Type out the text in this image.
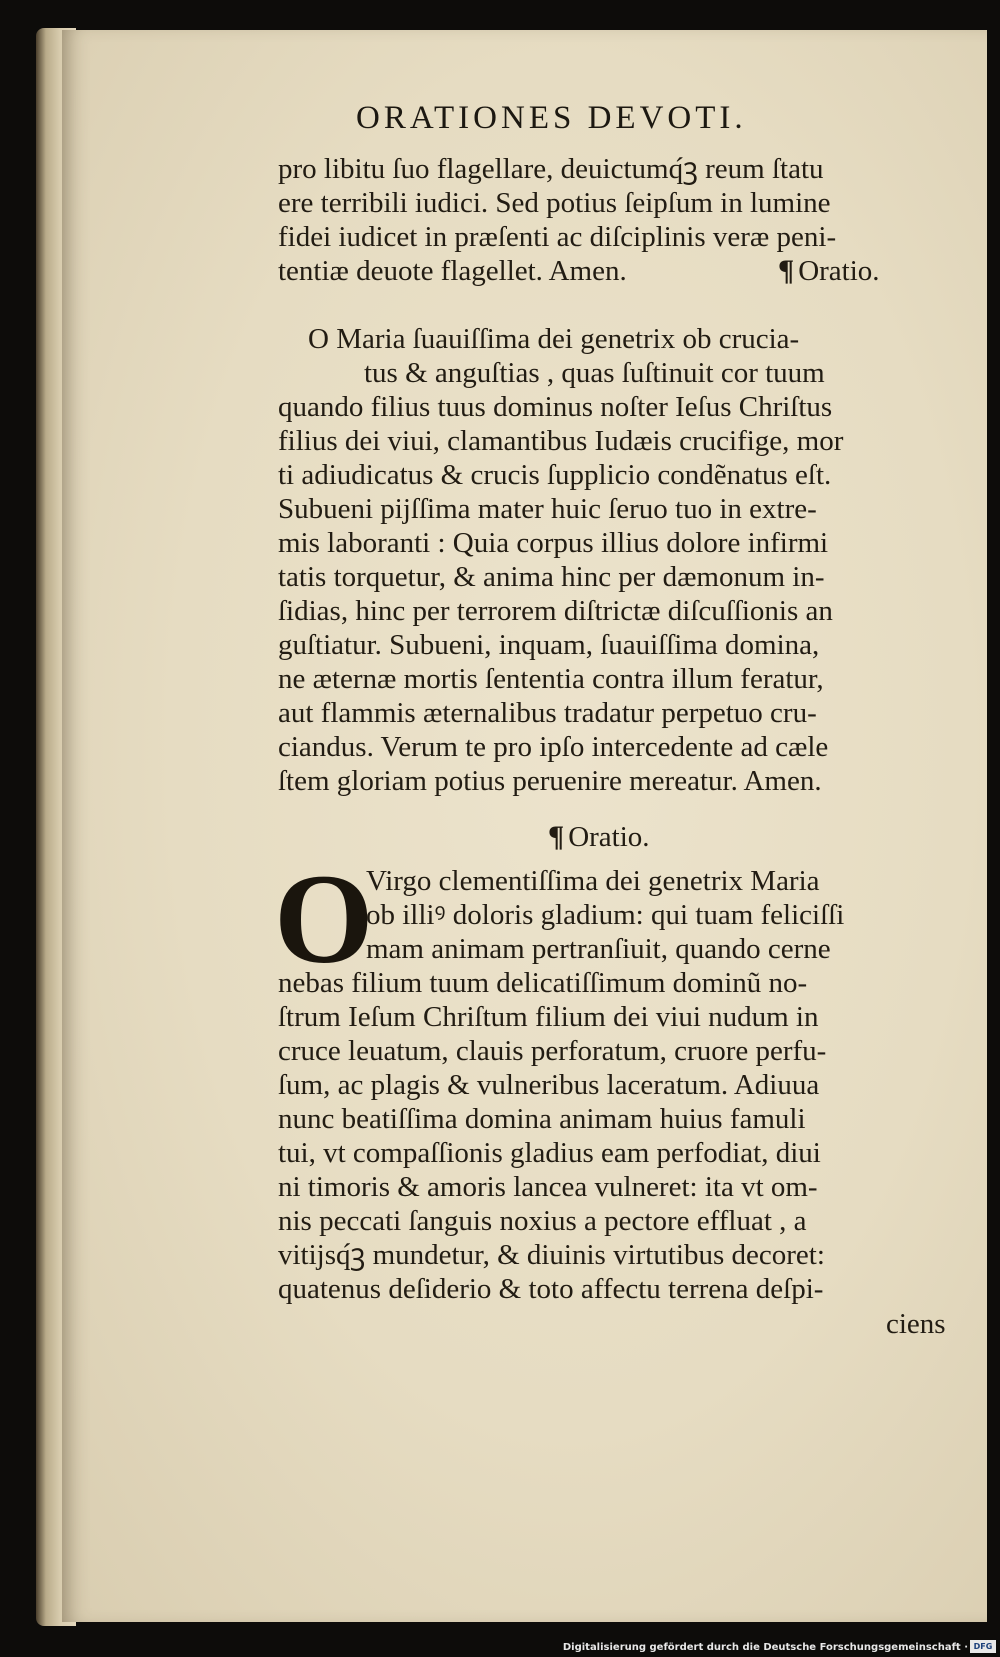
ORATIONES DEVOTI.
pro libitu ſuo flagellare, deuictumq́ꝫ reum ſtatu
ere terribili iudici. Sed potius ſeipſum in lumine
fidei iudicet in præſenti ac diſciplinis veræ peni-
tentiæ deuote flagellet. Amen.	¶ Oratio.
O Maria ſuauiſſima dei genetrix ob crucia-
tus & anguſtias , quas ſuſtinuit cor tuum
quando filius tuus dominus noſter Ieſus Chriſtus
filius dei viui, clamantibus Iudæis crucifige, mor
ti adiudicatus & crucis ſupplicio condẽnatus eſt.
Subueni pijſſima mater huic ſeruo tuo in extre-
mis laboranti : Quia corpus illius dolore infirmi
tatis torquetur, & anima hinc per dæmonum in-
ſidias, hinc per terrorem diſtrictæ diſcuſſionis an
guſtiatur. Subueni, inquam, ſuauiſſima domina,
ne æternæ mortis ſententia contra illum feratur,
aut flammis æternalibus tradatur perpetuo cru-
ciandus. Verum te pro ipſo intercedente ad cæle
ſtem gloriam potius peruenire mereatur. Amen.
¶ Oratio.
O
Virgo clementiſſima dei genetrix Maria
ob illiꝰ doloris gladium: qui tuam feliciſſi
mam animam pertranſiuit, quando cerne
nebas filium tuum delicatiſſimum dominũ no-
ſtrum Ieſum Chriſtum filium dei viui nudum in
cruce leuatum, clauis perforatum, cruore perfu-
ſum, ac plagis & vulneribus laceratum. Adiuua
nunc beatiſſima domina animam huius famuli
tui, vt compaſſionis gladius eam perfodiat, diui
ni timoris & amoris lancea vulneret: ita vt om-
nis peccati ſanguis noxius a pectore effluat , a
vitijsq́ꝫ mundetur, & diuinis virtutibus decoret:
quatenus deſiderio & toto affectu terrena deſpi-
ciens
Digitalisierung gefördert durch die Deutsche Forschungsgemeinschaft · DFG
